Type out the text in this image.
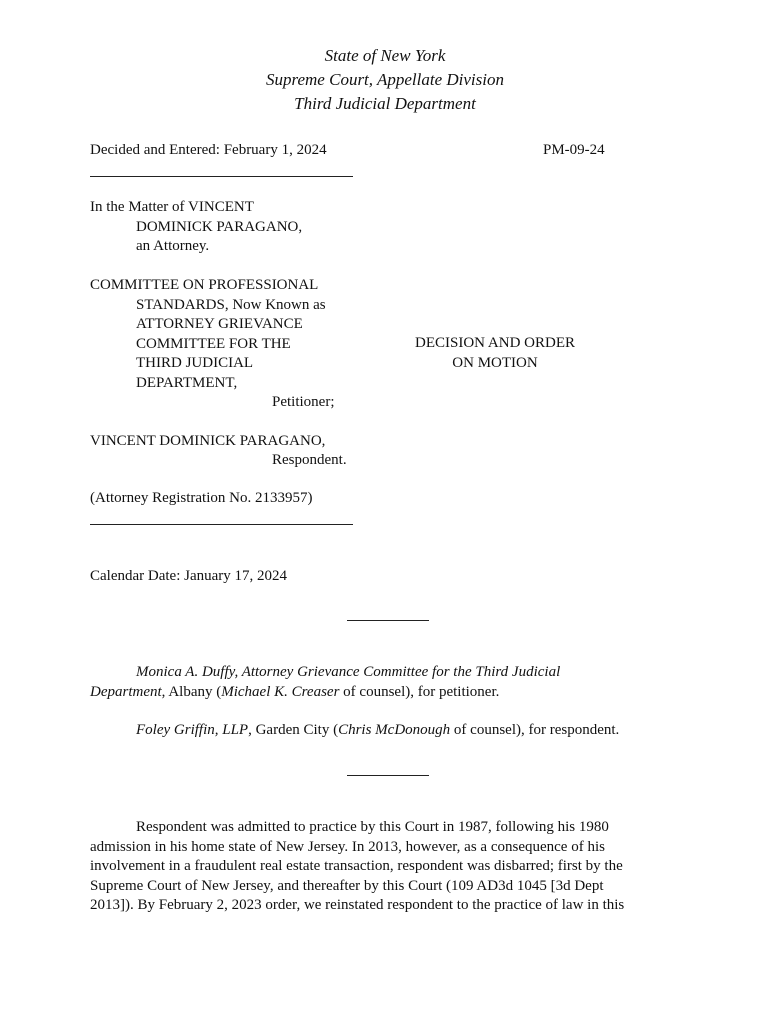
State of New York
Supreme Court, Appellate Division
Third Judicial Department
Decided and Entered: February 1, 2024	PM-09-24
In the Matter of VINCENT
DOMINICK PARAGANO,
an Attorney.
COMMITTEE ON PROFESSIONAL
STANDARDS, Now Known as
ATTORNEY GRIEVANCE
COMMITTEE FOR THE
THIRD JUDICIAL
DEPARTMENT,
Petitioner;
DECISION AND ORDER
ON MOTION
VINCENT DOMINICK PARAGANO,
Respondent.
(Attorney Registration No. 2133957)
Calendar Date: January 17, 2024
Monica A. Duffy, Attorney Grievance Committee for the Third Judicial
Department, Albany (Michael K. Creaser of counsel), for petitioner.
Foley Griffin, LLP, Garden City (Chris McDonough of counsel), for respondent.
Respondent was admitted to practice by this Court in 1987, following his 1980
admission in his home state of New Jersey. In 2013, however, as a consequence of his
involvement in a fraudulent real estate transaction, respondent was disbarred; first by the
Supreme Court of New Jersey, and thereafter by this Court (109 AD3d 1045 [3d Dept
2013]). By February 2, 2023 order, we reinstated respondent to the practice of law in this
